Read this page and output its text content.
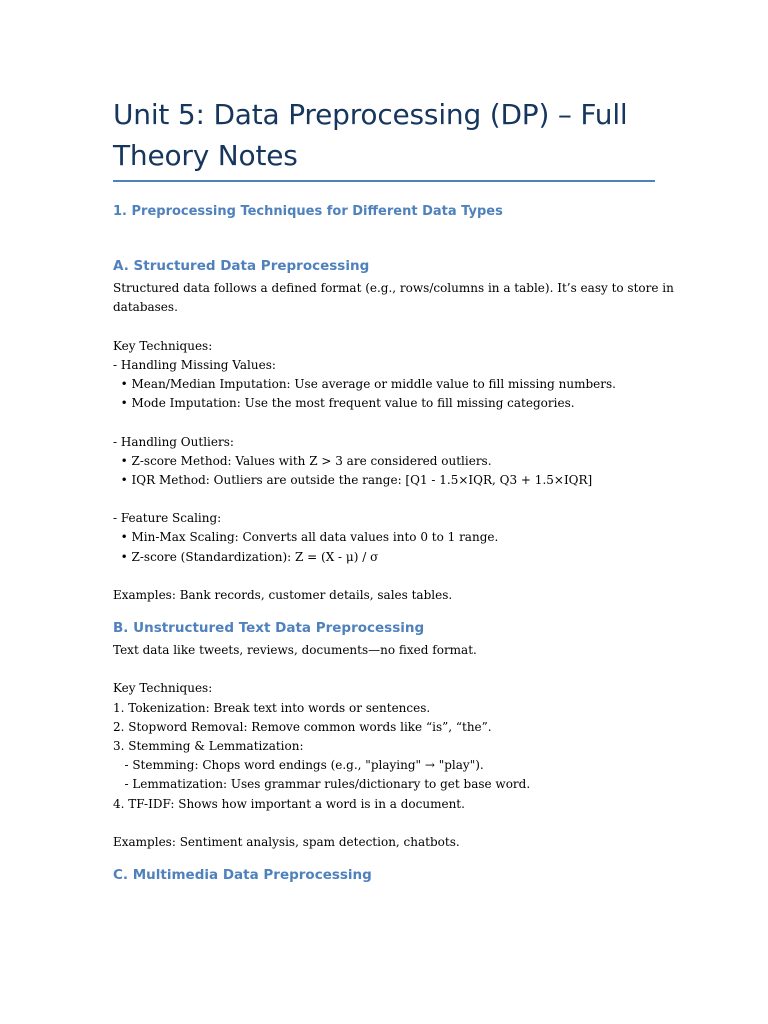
Unit 5: Data Preprocessing (DP) – Full Theory Notes
1. Preprocessing Techniques for Different Data Types
A. Structured Data Preprocessing
Structured data follows a defined format (e.g., rows/columns in a table). It’s easy to store in
databases.
Key Techniques:
- Handling Missing Values:
• Mean/Median Imputation: Use average or middle value to fill missing numbers.
• Mode Imputation: Use the most frequent value to fill missing categories.
- Handling Outliers:
• Z-score Method: Values with Z > 3 are considered outliers.
• IQR Method: Outliers are outside the range: [Q1 - 1.5×IQR, Q3 + 1.5×IQR]
- Feature Scaling:
• Min-Max Scaling: Converts all data values into 0 to 1 range.
• Z-score (Standardization): Z = (X - μ) / σ
Examples: Bank records, customer details, sales tables.
B. Unstructured Text Data Preprocessing
Text data like tweets, reviews, documents—no fixed format.
Key Techniques:
1. Tokenization: Break text into words or sentences.
2. Stopword Removal: Remove common words like “is”, “the”.
3. Stemming & Lemmatization:
- Stemming: Chops word endings (e.g., "playing" → "play").
- Lemmatization: Uses grammar rules/dictionary to get base word.
4. TF-IDF: Shows how important a word is in a document.
Examples: Sentiment analysis, spam detection, chatbots.
C. Multimedia Data Preprocessing
